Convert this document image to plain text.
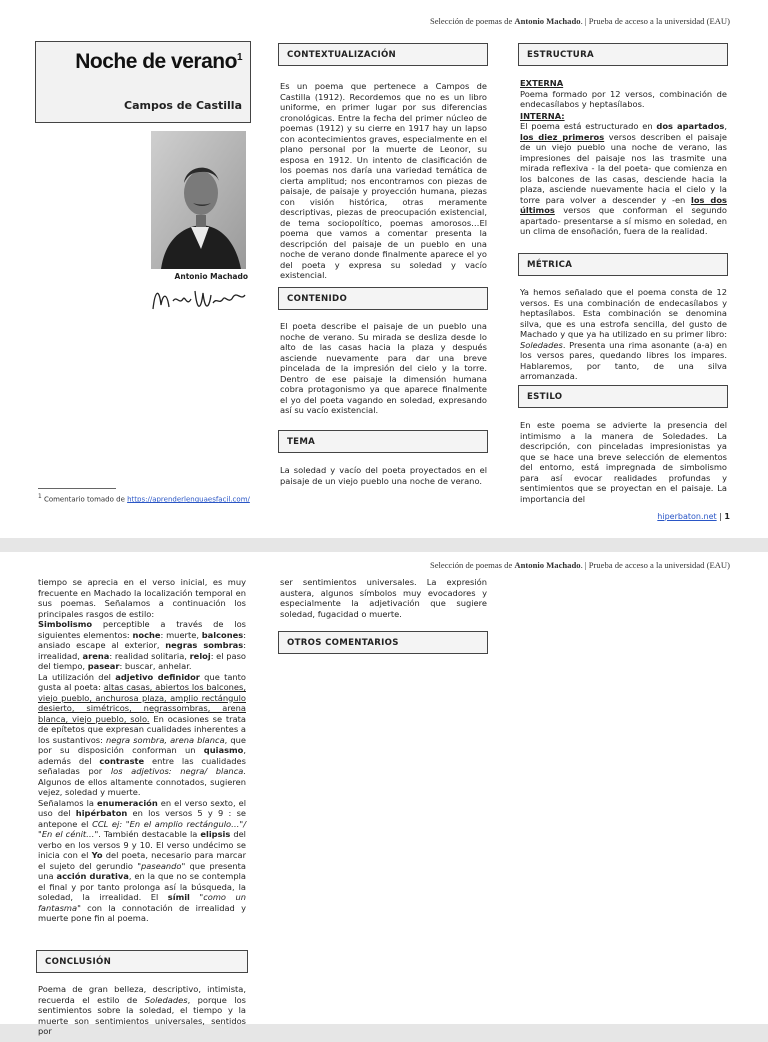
Selección de poemas de Antonio Machado. | Prueba de acceso a la universidad (EAU)
Noche de verano$^1$
Campos de Castilla
Antonio Machado
$^1$ Comentario tomado de https://aprenderlenguaesfacil.com/
CONTEXTUALIZACIÓN

Es un poema que pertenece a Campos de Castilla (1912). Recordemos que no es un libro uniforme, en primer lugar por sus diferencias cronológicas. Entre la fecha del primer núcleo de poemas (1912) y su cierre en 1917 hay un lapso con acontecimientos graves, especialmente en el plano personal por la muerte de Leonor, su esposa en 1912. Un intento de clasificación de los poemas nos daría una variedad temática de cierta amplitud; nos encontramos con piezas de paisaje, de paisaje y proyección humana, piezas con visión histórica, otras meramente descriptivas, piezas de preocupación existencial, de tema sociopolítico, poemas amorosos…El poema que vamos a comentar presenta la descripción del paisaje de un pueblo en una noche de verano donde finalmente aparece el yo del poeta y expresa su soledad y vacío existencial.

CONTENIDO

El poeta describe el paisaje de un pueblo una noche de verano. Su mirada se desliza desde lo alto de las casas hacia la plaza y después asciende nuevamente para dar una breve pincelada de la impresión del cielo y la torre. Dentro de ese paisaje la dimensión humana cobra protagonismo ya que aparece finalmente el yo del poeta vagando en soledad, expresando así su vacío existencial.

TEMA

La soledad y vacío del poeta proyectados en el paisaje de un viejo pueblo una noche de verano.

ESTRUCTURA
EXTERNA

Poema formado por 12 versos, combinación de endecasílabos y heptasílabos.

INTERNA:

El poema está estructurado en dos apartados, los diez primeros versos describen el paisaje de un viejo pueblo una noche de verano, las impresiones del paisaje nos las trasmite una mirada reflexiva - la del poeta- que comienza en los balcones de las casas, desciende hacia la plaza, asciende nuevamente hacia el cielo y la torre para volver a descender y -en los dos últimos versos que conforman el segundo apartado- presentarse a sí mismo en soledad, en un clima de ensoñación, fuera de la realidad.

MÉTRICA

Ya hemos señalado que el poema consta de 12 versos. Es una combinación de endecasílabos y heptasílabos. Esta combinación se denomina silva, que es una estrofa sencilla, del gusto de Machado y que ya ha utilizado en su primer libro: Soledades. Presenta una rima asonante (a-a) en los versos pares, quedando libres los impares. Hablaremos, por tanto, de una silva arromanzada.

ESTILO

En este poema se advierte la presencia del intimismo a la manera de Soledades. La descripción, con pinceladas impresionistas ya que se hace una breve selección de elementos del entorno, está impregnada de simbolismo para así evocar realidades profundas y sentimientos que se proyectan en el paisaje. La importancia del

hiperbaton.net | 1
Selección de poemas de Antonio Machado. | Prueba de acceso a la universidad (EAU)

tiempo se aprecia en el verso inicial, es muy frecuente en Machado la localización temporal en sus poemas. Señalamos a continuación los principales rasgos de estilo:

Simbolismo perceptible a través de los siguientes elementos: noche: muerte, balcones: ansiado escape al exterior, negras sombras: irrealidad, arena: realidad solitaria, reloj: el paso del tiempo, pasear: buscar, anhelar.

La utilización del adjetivo definidor que tanto gusta al poeta: altas casas, abiertos los balcones, viejo pueblo, anchurosa plaza, amplio rectángulo desierto, simétricos, negrassombras, arena blanca, viejo pueblo, solo. En ocasiones se trata de epítetos que expresan cualidades inherentes a los sustantivos: negra sombra, arena blanca, que por su disposición conforman un quiasmo, además del contraste entre las cualidades señaladas por los adjetivos: negra/ blanca. Algunos de ellos altamente connotados, sugieren vejez, soledad y muerte.

Señalamos la enumeración en el verso sexto, el uso del hipérbaton en los versos 5 y 9 : se antepone el CCL ej: "En el amplio rectángulo…"/ "En el cénit…". También destacable la elipsis del verbo en los versos 9 y 10. El verso undécimo se inicia con el Yo del poeta, necesario para marcar el sujeto del gerundio "paseando" que presenta una acción durativa, en la que no se contempla el final y por tanto prolonga así la búsqueda, la soledad, la irrealidad. El símil "como un fantasma" con la connotación de irrealidad y muerte pone fin al poema.

CONCLUSIÓN

Poema de gran belleza, descriptivo, intimista, recuerda el estilo de Soledades, porque los sentimientos sobre la soledad, el tiempo y la muerte son sentimientos universales, sentidos por

ser sentimientos universales. La expresión austera, algunos símbolos muy evocadores y especialmente la adjetivación que sugiere soledad, fugacidad o muerte.

OTROS COMENTARIOS
